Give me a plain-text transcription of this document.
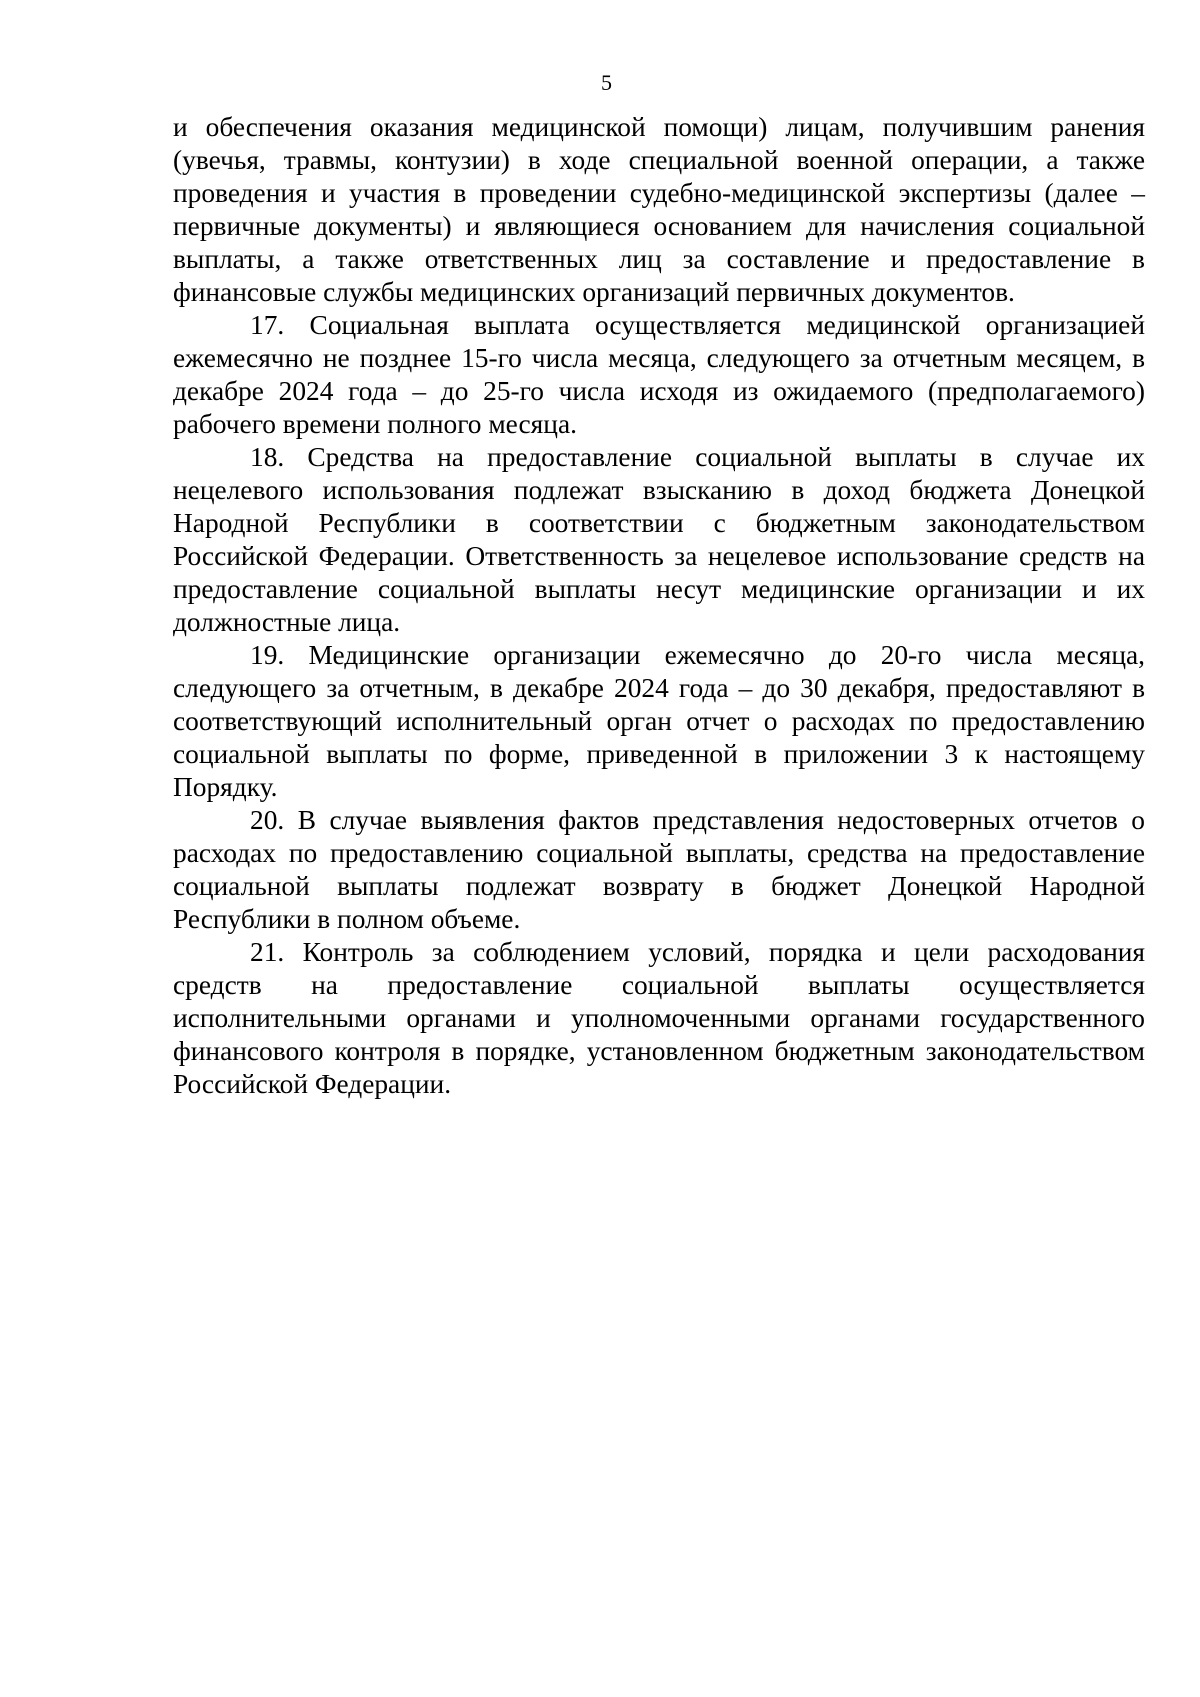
5

и обеспечения оказания медицинской помощи) лицам, получившим ранения (увечья, травмы, контузии) в ходе специальной военной операции, а также проведения и участия в проведении судебно-медицинской экспертизы (далее – первичные документы) и являющиеся основанием для начисления социальной выплаты, а также ответственных лиц за составление и предоставление в финансовые службы медицинских организаций первичных документов.

17. Социальная выплата осуществляется медицинской организацией ежемесячно не позднее 15-го числа месяца, следующего за отчетным месяцем, в декабре 2024 года – до 25-го числа исходя из ожидаемого (предполагаемого) рабочего времени полного месяца.

18. Средства на предоставление социальной выплаты в случае их нецелевого использования подлежат взысканию в доход бюджета Донецкой Народной Республики в соответствии с бюджетным законодательством Российской Федерации. Ответственность за нецелевое использование средств на предоставление социальной выплаты несут медицинские организации и их должностные лица.

19. Медицинские организации ежемесячно до 20-го числа месяца, следующего за отчетным, в декабре 2024 года – до 30 декабря, предоставляют в соответствующий исполнительный орган отчет о расходах по предоставлению социальной выплаты по форме, приведенной в приложении 3 к настоящему Порядку.

20. В случае выявления фактов представления недостоверных отчетов о расходах по предоставлению социальной выплаты, средства на предоставление социальной выплаты подлежат возврату в бюджет Донецкой Народной Республики в полном объеме.

21. Контроль за соблюдением условий, порядка и цели расходования средств на предоставление социальной выплаты осуществляется исполнительными органами и уполномоченными органами государственного финансового контроля в порядке, установленном бюджетным законодательством Российской Федерации.
